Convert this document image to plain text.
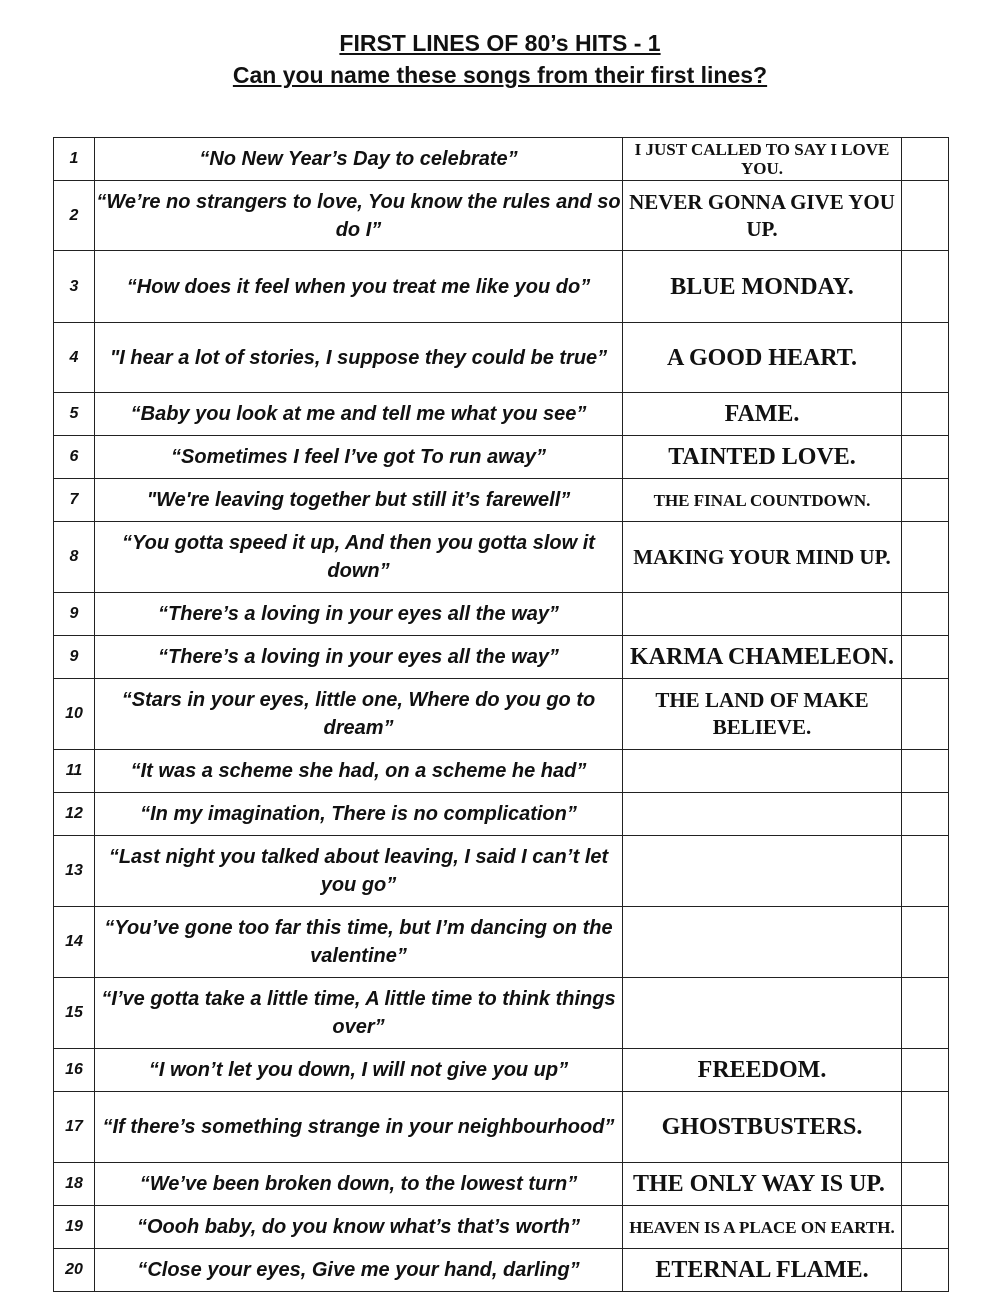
FIRST LINES OF 80’s HITS - 1
Can you name these songs from their first lines?
1	“No New Year’s Day to celebrate”	I JUST CALLED TO SAY I LOVE YOU.	
2	“We’re no strangers to love, You know the rules and so do I”	NEVER GONNA GIVE YOU UP.	
3	“How does it feel when you treat me like you do”	BLUE MONDAY.	
4	"I hear a lot of stories, I suppose they could be true”	A GOOD HEART.	
5	“Baby you look at me and tell me what you see”	FAME.	
6	“Sometimes I feel I’ve got To run away”	TAINTED LOVE.	
7	"We're leaving together but still it’s farewell”	THE FINAL COUNTDOWN.	
8	“You gotta speed it up, And then you gotta slow it down”	MAKING YOUR MIND UP.	
9	“There’s a loving in your eyes all the way”		
9	“There’s a loving in your eyes all the way”	KARMA CHAMELEON.	
10	“Stars in your eyes, little one, Where do you go to dream”	THE LAND OF MAKE BELIEVE.	
11	“It was a scheme she had, on a scheme he had”		
12	“In my imagination, There is no complication”		
13	“Last night you talked about leaving, I said I can’t let you go”		
14	“You’ve gone too far this time, but I’m dancing on the valentine”		
15	“I’ve gotta take a little time, A little time to think things over”		
16	“I won’t let you down, I will not give you up”	FREEDOM.	
17	“If there’s something strange in your neighbourhood”	GHOSTBUSTERS.	
18	“We’ve been broken down, to the lowest turn”	THE ONLY WAY IS UP.	
19	“Oooh baby, do you know what’s that’s worth”	HEAVEN IS A PLACE ON EARTH.	
20	“Close your eyes, Give me your hand, darling”	ETERNAL FLAME.	
